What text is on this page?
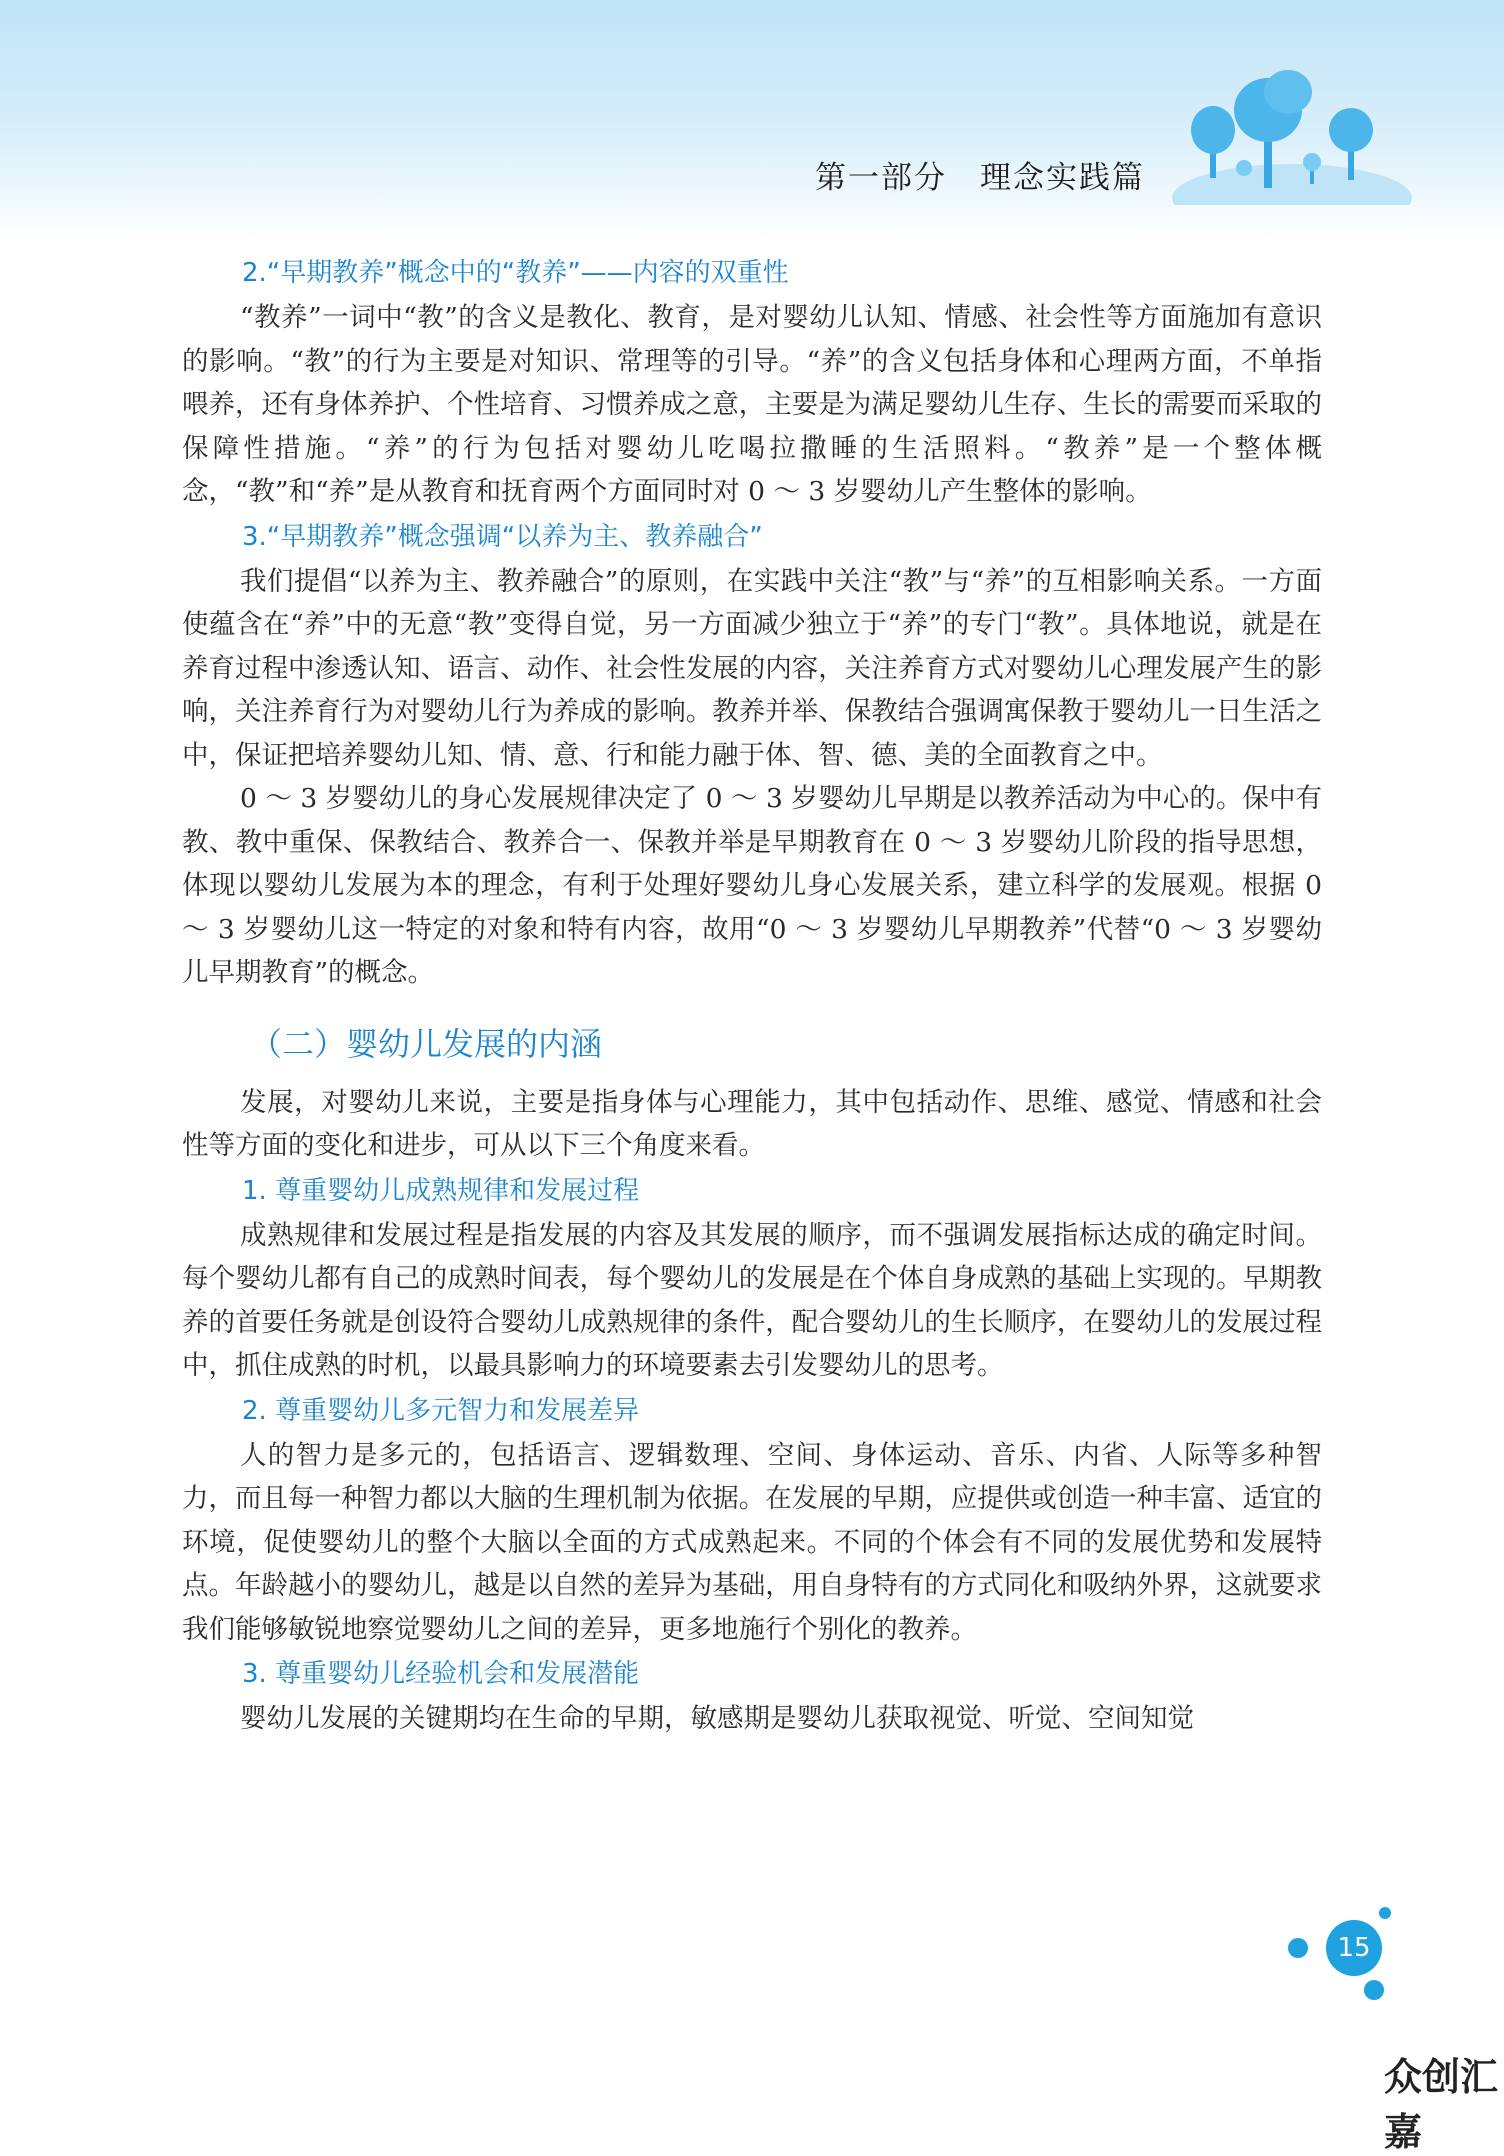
第一部分　理念实践篇
2.“早期教养”概念中的“教养”——内容的双重性

“教养”一词中“教”的含义是教化、教育，是对婴幼儿认知、情感、社会性等方面施加有意识的影响。“教”的行为主要是对知识、常理等的引导。“养”的含义包括身体和心理两方面，不单指喂养，还有身体养护、个性培育、习惯养成之意，主要是为满足婴幼儿生存、生长的需要而采取的保障性措施。“养”的行为包括对婴幼儿吃喝拉撒睡的生活照料。“教养”是一个整体概念，“教”和“养”是从教育和抚育两个方面同时对 0 ～ 3 岁婴幼儿产生整体的影响。

3.“早期教养”概念强调“以养为主、教养融合”

我们提倡“以养为主、教养融合”的原则，在实践中关注“教”与“养”的互相影响关系。一方面使蕴含在“养”中的无意“教”变得自觉，另一方面减少独立于“养”的专门“教”。具体地说，就是在养育过程中渗透认知、语言、动作、社会性发展的内容，关注养育方式对婴幼儿心理发展产生的影响，关注养育行为对婴幼儿行为养成的影响。教养并举、保教结合强调寓保教于婴幼儿一日生活之中，保证把培养婴幼儿知、情、意、行和能力融于体、智、德、美的全面教育之中。

0 ～ 3 岁婴幼儿的身心发展规律决定了 0 ～ 3 岁婴幼儿早期是以教养活动为中心的。保中有教、教中重保、保教结合、教养合一、保教并举是早期教育在 0 ～ 3 岁婴幼儿阶段的指导思想，体现以婴幼儿发展为本的理念，有利于处理好婴幼儿身心发展关系，建立科学的发展观。根据 0 ～ 3 岁婴幼儿这一特定的对象和特有内容，故用“0 ～ 3 岁婴幼儿早期教养”代替“0 ～ 3 岁婴幼儿早期教育”的概念。

（二）婴幼儿发展的内涵

发展，对婴幼儿来说，主要是指身体与心理能力，其中包括动作、思维、感觉、情感和社会性等方面的变化和进步，可从以下三个角度来看。

1. 尊重婴幼儿成熟规律和发展过程

成熟规律和发展过程是指发展的内容及其发展的顺序，而不强调发展指标达成的确定时间。每个婴幼儿都有自己的成熟时间表，每个婴幼儿的发展是在个体自身成熟的基础上实现的。早期教养的首要任务就是创设符合婴幼儿成熟规律的条件，配合婴幼儿的生长顺序，在婴幼儿的发展过程中，抓住成熟的时机，以最具影响力的环境要素去引发婴幼儿的思考。

2. 尊重婴幼儿多元智力和发展差异

人的智力是多元的，包括语言、逻辑数理、空间、身体运动、音乐、内省、人际等多种智力，而且每一种智力都以大脑的生理机制为依据。在发展的早期，应提供或创造一种丰富、适宜的环境，促使婴幼儿的整个大脑以全面的方式成熟起来。不同的个体会有不同的发展优势和发展特点。年龄越小的婴幼儿，越是以自然的差异为基础，用自身特有的方式同化和吸纳外界，这就要求我们能够敏锐地察觉婴幼儿之间的差异，更多地施行个别化的教养。

3. 尊重婴幼儿经验机会和发展潜能

婴幼儿发展的关键期均在生命的早期，敏感期是婴幼儿获取视觉、听觉、空间知觉

15
众创汇嘉
